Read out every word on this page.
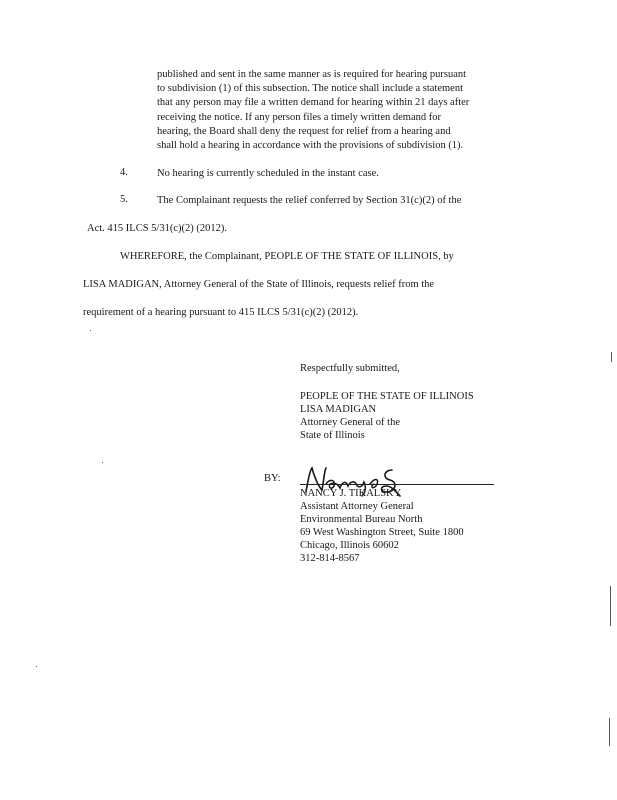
published and sent in the same manner as is required for hearing pursuant
to subdivision (1) of this subsection. The notice shall include a statement
that any person may file a written demand for hearing within 21 days after
receiving the notice. If any person files a timely written demand for
hearing, the Board shall deny the request for relief from a hearing and
shall hold a hearing in accordance with the provisions of subdivision (1).
4.	No hearing is currently scheduled in the instant case.
5.	The Complainant requests the relief conferred by Section 31(c)(2) of the
Act. 415 ILCS 5/31(c)(2) (2012).
WHEREFORE, the Complainant, PEOPLE OF THE STATE OF ILLINOIS, by
LISA MADIGAN, Attorney General of the State of Illinois, requests relief from the
requirement of a hearing pursuant to 415 ILCS 5/31(c)(2) (2012).
Respectfully submitted,
PEOPLE OF THE STATE OF ILLINOIS
LISA MADIGAN
Attorney General of the
State of Illinois
BY:
NANCY J. TIKALSKY
Assistant Attorney General
Environmental Bureau North
69 West Washington Street, Suite 1800
Chicago, Illinois 60602
312-814-8567
